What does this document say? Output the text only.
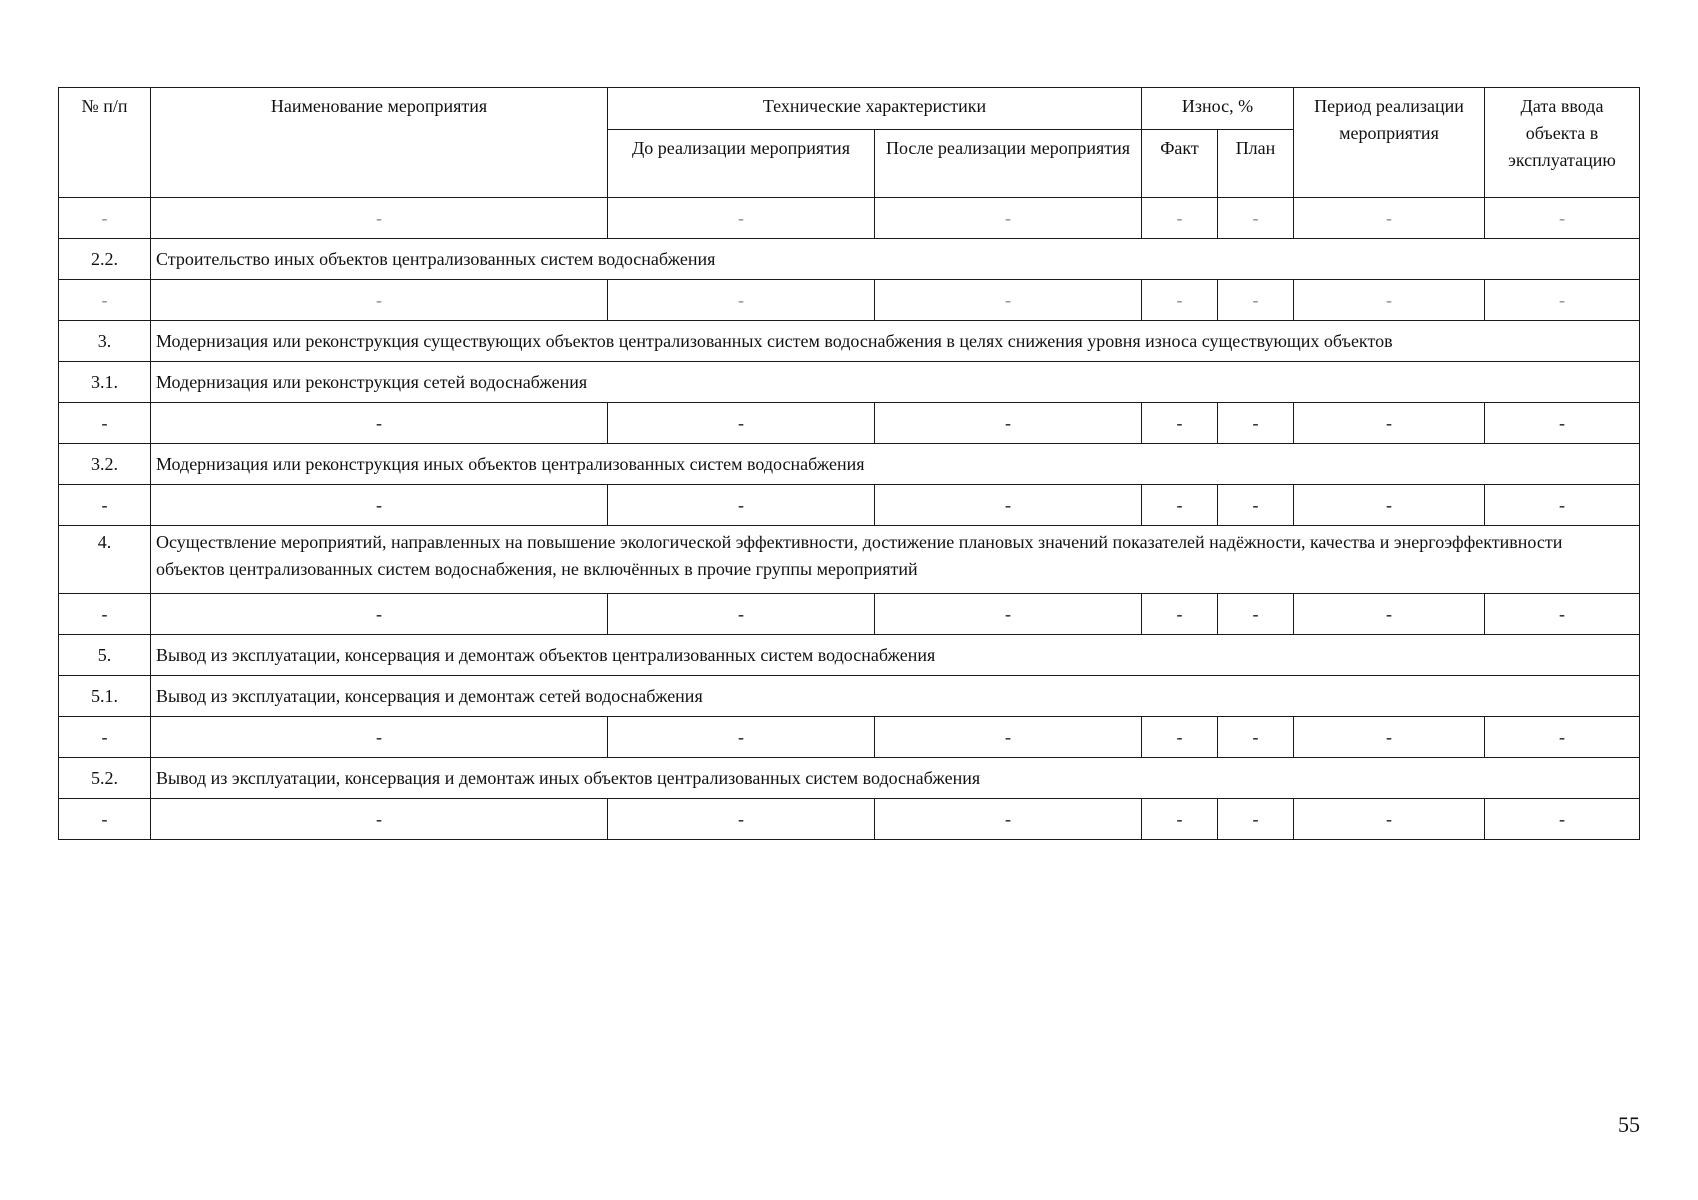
№ п/п	Наименование мероприятия	Технические характеристики		Износ, %		Период реализации мероприятия	Дата ввода объекта в эксплуатацию
		До реализации мероприятия	После реализации мероприятия	Факт	План		
-	-	-	-	-	-	-	-
2.2.	Строительство иных объектов централизованных систем водоснабжения						
-	-	-	-	-	-	-	-
3.	Модернизация или реконструкция существующих объектов централизованных систем водоснабжения в целях снижения уровня износа существующих объектов						
3.1.	Модернизация или реконструкция сетей водоснабжения						
-	-	-	-	-	-	-	-
3.2.	Модернизация или реконструкция иных объектов централизованных систем водоснабжения						
-	-	-	-	-	-	-	-
4.	Осуществление мероприятий, направленных на повышение экологической эффективности, достижение плановых значений показателей надёжности, качества и энергоэффективности объектов централизованных систем водоснабжения, не включённых в прочие группы мероприятий						
-	-	-	-	-	-	-	-
5.	Вывод из эксплуатации, консервация и демонтаж объектов централизованных систем водоснабжения						
5.1.	Вывод из эксплуатации, консервация и демонтаж сетей водоснабжения						
-	-	-	-	-	-	-	-
5.2.	Вывод из эксплуатации, консервация и демонтаж иных объектов централизованных систем водоснабжения						
-	-	-	-	-	-	-	-
55
